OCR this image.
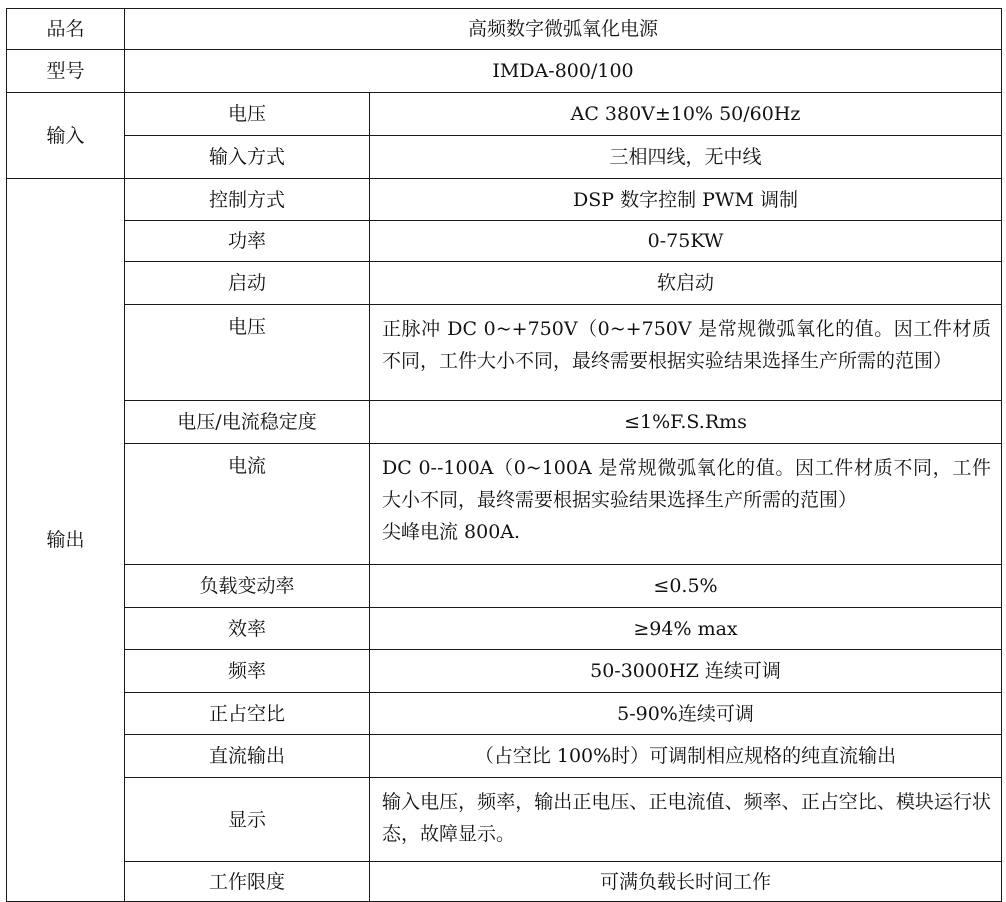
品名	高频数字微弧氧化电源	
型号	IMDA-800/100	
输入	电压	AC 380V±10% 50/60Hz
	输入方式	三相四线，无中线
输出	控制方式	DSP 数字控制 PWM 调制
	功率	0-75KW
	启动	软启动
	电压	正脉冲 DC 0~+750V（0~+750V 是常规微弧氧化的值。因工件材质不同，工件大小不同，最终需要根据实验结果选择生产所需的范围）
	电压/电流稳定度	≤1%F.S.Rms
	电流	DC 0--100A（0~100A 是常规微弧氧化的值。因工件材质不同，工件大小不同，最终需要根据实验结果选择生产所需的范围）
尖峰电流 800A.

	负载变动率	≤0.5%
	效率	≥94% max
	频率	50-3000HZ 连续可调
	正占空比	5-90%连续可调
	直流输出	（占空比 100%时）可调制相应规格的纯直流输出
	显示	输入电压，频率，输出正电压、正电流值、频率、正占空比、模块运行状态，故障显示。
	工作限度	可满负载长时间工作
